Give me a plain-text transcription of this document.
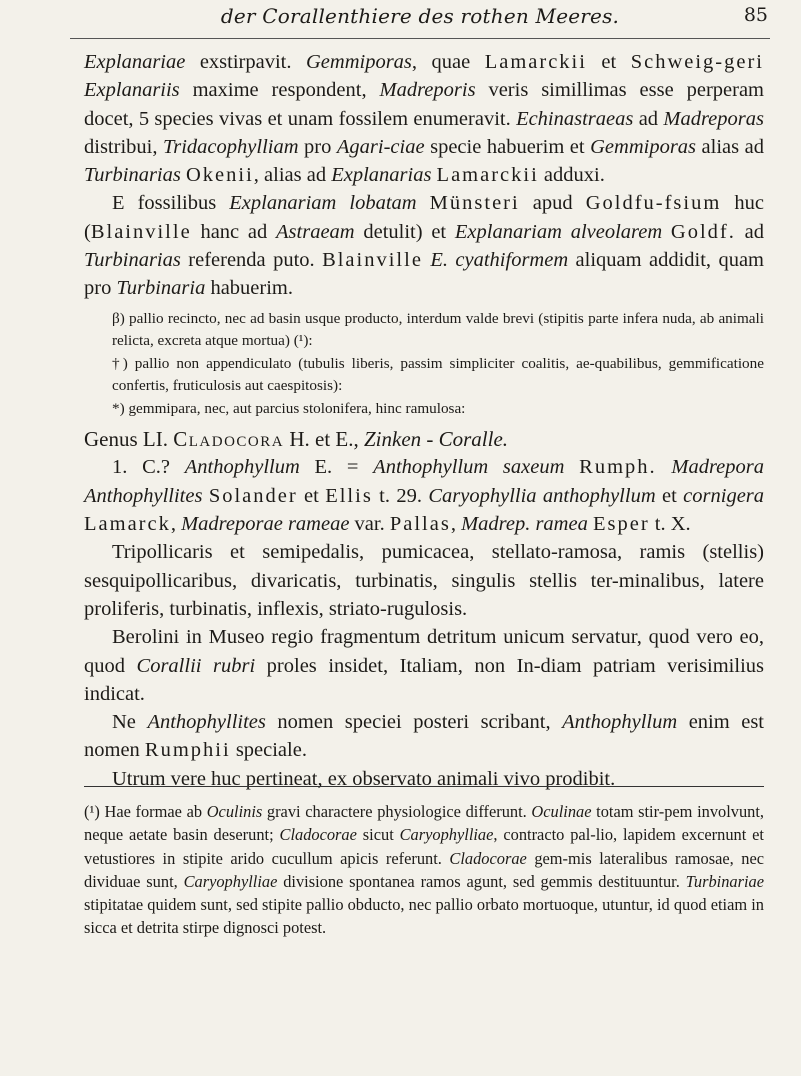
der Corallenthiere des rothen Meeres.	85

Explanariae exstirpavit. Gemmiporas, quae Lamarckii et Schweig-geri Explanariis maxime respondent, Madreporis veris simillimas esse perperam docet, 5 species vivas et unam fossilem enumeravit. Echinastraeas ad Madreporas distribui, Tridacophylliam pro Agari-ciae specie habuerim et Gemmiporas alias ad Turbinarias Okenii, alias ad Explanarias Lamarckii adduxi.

E fossilibus Explanariam lobatam Münsteri apud Goldfu-fsium huc (Blainville hanc ad Astraeam detulit) et Explanariam alveolarem Goldf. ad Turbinarias referenda puto. Blainville E. cyathiformem aliquam addidit, quam pro Turbinaria habuerim.

β) pallio recincto, nec ad basin usque producto, interdum valde brevi (stipitis parte infera nuda, ab animali relicta, excreta atque mortua) (¹):

†) pallio non appendiculato (tubulis liberis, passim simpliciter coalitis, ae-quabilibus, gemmificatione confertis, fruticulosis aut caespitosis):

*) gemmipara, nec, aut parcius stolonifera, hinc ramulosa:

Genus LI. Cladocora H. et E., Zinken - Coralle.

1. C.? Anthophyllum E. = Anthophyllum saxeum Rumph. Madrepora Anthophyllites Solander et Ellis t. 29. Caryophyllia anthophyllum et cornigera Lamarck, Madreporae rameae var. Pallas, Madrep. ramea Esper t. X.

Tripollicaris et semipedalis, pumicacea, stellato-ramosa, ramis (stellis) sesquipollicaribus, divaricatis, turbinatis, singulis stellis ter-minalibus, latere proliferis, turbinatis, inflexis, striato-rugulosis.

Berolini in Museo regio fragmentum detritum unicum servatur, quod vero eo, quod Corallii rubri proles insidet, Italiam, non In-diam patriam verisimilius indicat.

Ne Anthophyllites nomen speciei posteri scribant, Anthophyllum enim est nomen Rumphii speciale.

Utrum vere huc pertineat, ex observato animali vivo prodibit.

(¹) Hae formae ab Oculinis gravi charactere physiologice differunt. Oculinae totam stir-pem involvunt, neque aetate basin deserunt; Cladocorae sicut Caryophylliae, contracto pal-lio, lapidem excernunt et vetustiores in stipite arido cucullum apicis referunt. Cladocorae gem-mis lateralibus ramosae, nec dividuae sunt, Caryophylliae divisione spontanea ramos agunt, sed gemmis destituuntur. Turbinariae stipitatae quidem sunt, sed stipite pallio obducto, nec pallio orbato mortuoque, utuntur, id quod etiam in sicca et detrita stirpe dignosci potest.
